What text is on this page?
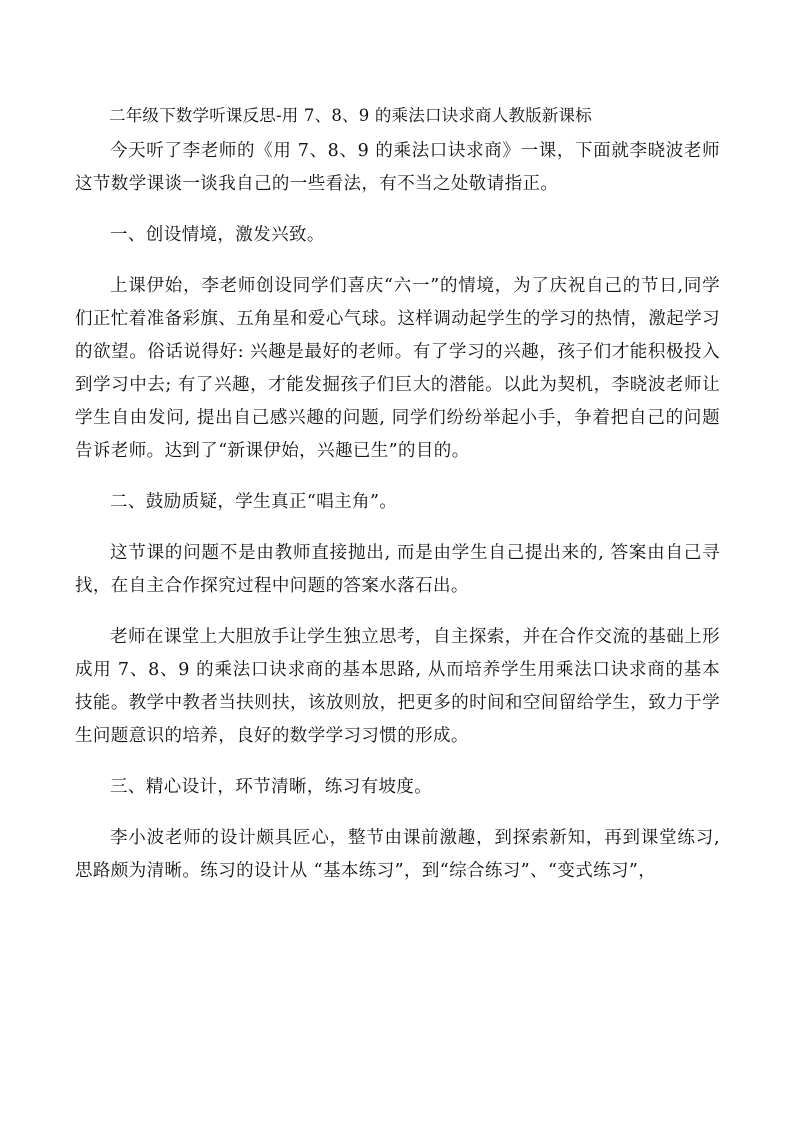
二年级下数学听课反思-用 7、8、9 的乘法口诀求商人教版新课标

今天听了李老师的《用 7、8、9 的乘法口诀求商》一课，下面就李晓波老师这节数学课谈一谈我自己的一些看法，有不当之处敬请指正。

一、创设情境，激发兴致。

上课伊始，李老师创设同学们喜庆“六一”的情境，为了庆祝自己的节日,同学们正忙着准备彩旗、五角星和爱心气球。这样调动起学生的学习的热情，激起学习的欲望。俗话说得好: 兴趣是最好的老师。有了学习的兴趣，孩子们才能积极投入到学习中去; 有了兴趣，才能发掘孩子们巨大的潜能。以此为契机，李晓波老师让学生自由发问, 提出自己感兴趣的问题, 同学们纷纷举起小手，争着把自己的问题告诉老师。达到了“新课伊始，兴趣已生”的目的。

二、鼓励质疑，学生真正“唱主角”。

这节课的问题不是由教师直接抛出, 而是由学生自己提出来的, 答案由自己寻找，在自主合作探究过程中问题的答案水落石出。

老师在课堂上大胆放手让学生独立思考，自主探索，并在合作交流的基础上形成用 7、8、9 的乘法口诀求商的基本思路, 从而培养学生用乘法口诀求商的基本技能。教学中教者当扶则扶，该放则放，把更多的时间和空间留给学生，致力于学生问题意识的培养，良好的数学学习习惯的形成。

三、精心设计，环节清晰，练习有坡度。

李小波老师的设计颇具匠心，整节由课前激趣，到探索新知，再到课堂练习,思路颇为清晰。练习的设计从 “基本练习”，到“综合练习”、“变式练习”，
